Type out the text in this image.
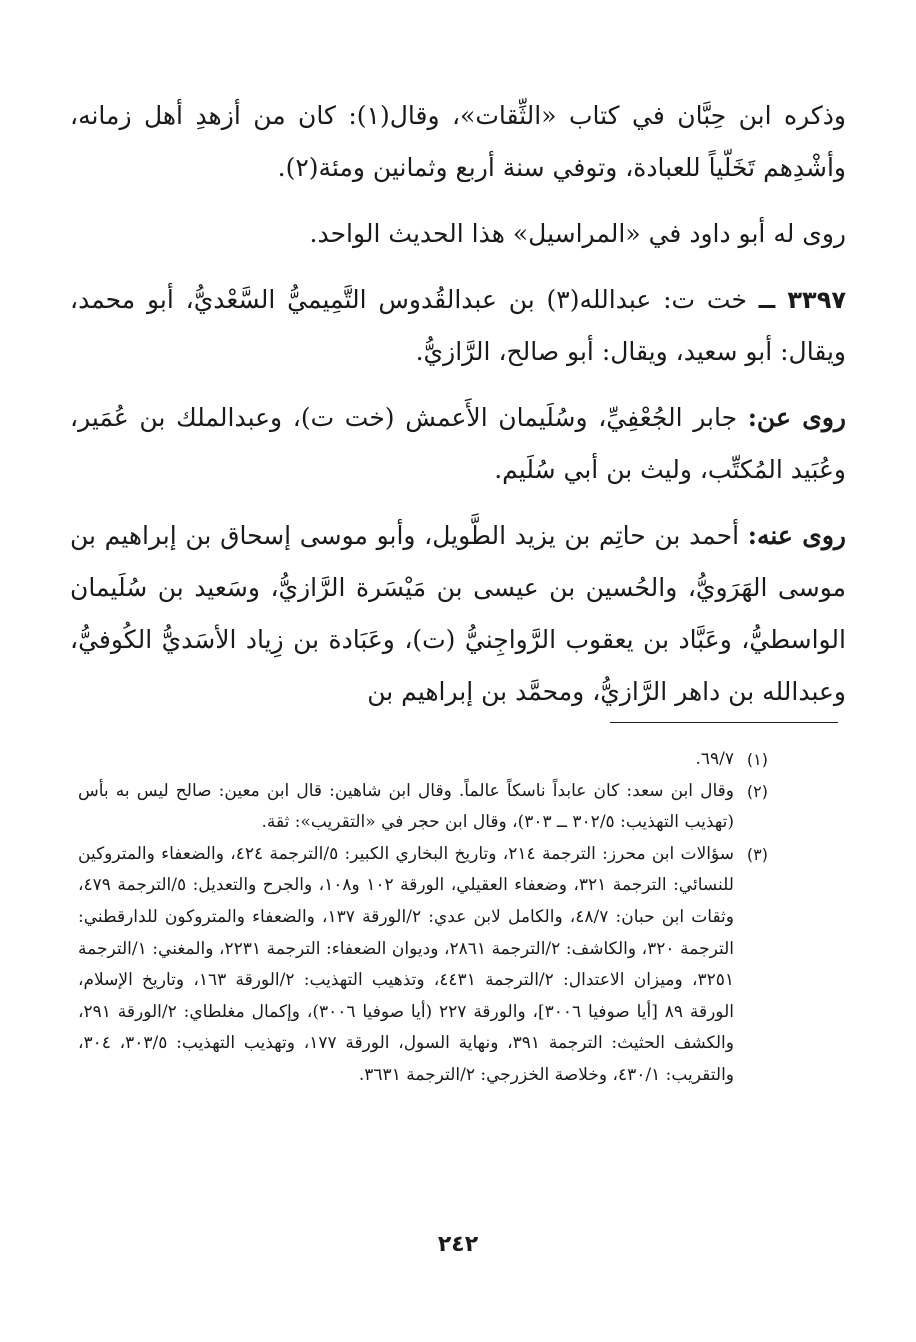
وذكره ابن حِبَّان في كتاب «الثِّقات»، وقال(١): كان من أزهدِ أهل زمانه، وأشْدِهم تَخَلّياً للعبادة، وتوفي سنة أربع وثمانين ومئة(٢).

روى له أبو داود في «المراسيل» هذا الحديث الواحد.

٣٣٩٧ ــ خت ت: عبدالله(٣) بن عبدالقُدوس التَّمِيميُّ السَّعْديُّ، أبو محمد، ويقال: أبو سعيد، ويقال: أبو صالح، الرَّازيُّ.

روى عن: جابر الجُعْفِيِّ، وسُلَيمان الأَعمش (خت ت)، وعبدالملك بن عُمَير، وعُبَيد المُكتِّب، وليث بن أبي سُلَيم.

روى عنه: أحمد بن حاتِم بن يزيد الطَّويل، وأبو موسى إسحاق بن إبراهيم بن موسى الهَرَويُّ، والحُسين بن عيسى بن مَيْسَرة الرَّازيُّ، وسَعيد بن سُلَيمان الواسطيُّ، وعَبَّاد بن يعقوب الرَّواجِنيُّ (ت)، وعَبَادة بن زِياد الأسَديُّ الكُوفيُّ، وعبدالله بن داهر الرَّازيُّ، ومحمَّد بن إبراهيم بن

(١)
٦٩/٧.
(٢)
وقال ابن سعد: كان عابداً ناسكاً عالماً. وقال ابن شاهين: قال ابن معين: صالح ليس به بأس (تهذيب التهذيب: ٣٠٢/٥ ــ ٣٠٣)، وقال ابن حجر في «التقريب»: ثقة.
(٣)
سؤالات ابن محرز: الترجمة ٢١٤، وتاريخ البخاري الكبير: ٥/الترجمة ٤٢٤، والضعفاء والمتروكين للنسائي: الترجمة ٣٢١، وضعفاء العقيلي، الورقة ١٠٢ و١٠٨، والجرح والتعديل: ٥/الترجمة ٤٧٩، وثقات ابن حبان: ٤٨/٧، والكامل لابن عدي: ٢/الورقة ١٣٧، والضعفاء والمتروكون للدارقطني: الترجمة ٣٢٠، والكاشف: ٢/الترجمة ٢٨٦١، وديوان الضعفاء: الترجمة ٢٢٣١، والمغني: ١/الترجمة ٣٢٥١، وميزان الاعتدال: ٢/الترجمة ٤٤٣١، وتذهيب التهذيب: ٢/الورقة ١٦٣، وتاريخ الإسلام، الورقة ٨٩ [أيا صوفيا ٣٠٠٦]، والورقة ٢٢٧ (أيا صوفيا ٣٠٠٦)، وإكمال مغلطاي: ٢/الورقة ٢٩١، والكشف الحثيث: الترجمة ٣٩١، ونهاية السول، الورقة ١٧٧، وتهذيب التهذيب: ٣٠٣/٥، ٣٠٤، والتقريب: ٤٣٠/١، وخلاصة الخزرجي: ٢/الترجمة ٣٦٣١.
٢٤٢
